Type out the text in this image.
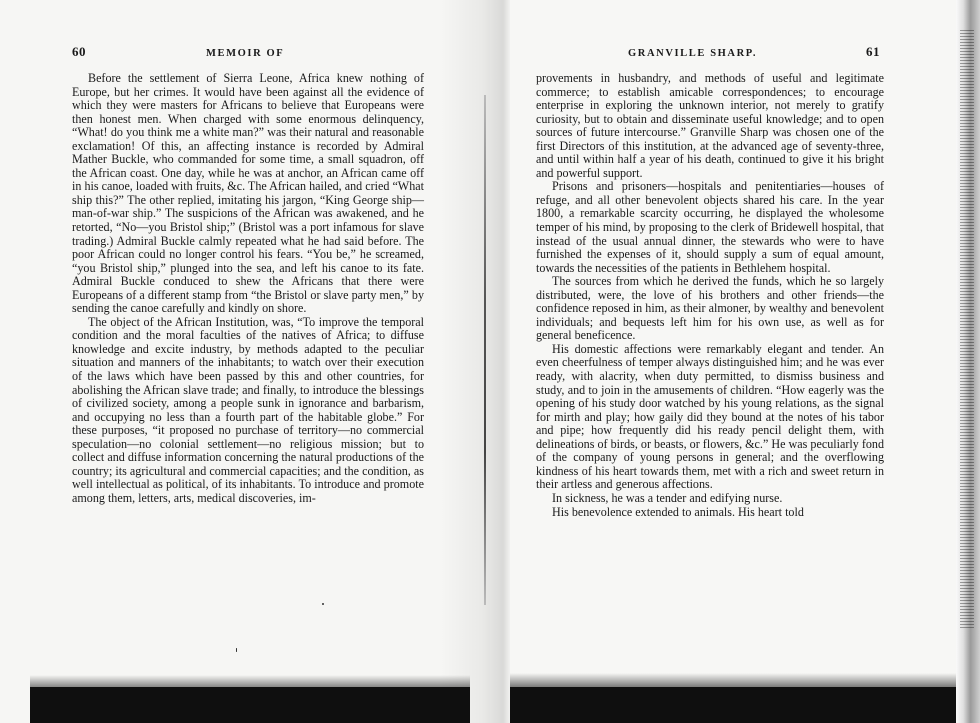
60	MEMOIR OF

Before the settlement of Sierra Leone, Africa knew nothing of Europe, but her crimes. It would have been against all the evidence of which they were masters for Africans to believe that Europeans were then honest men. When charged with some enormous delinquency, “What! do you think me a white man?” was their natural and reasonable exclamation! Of this, an affecting instance is recorded by Admiral Mather Buckle, who commanded for some time, a small squadron, off the African coast. One day, while he was at anchor, an African came off in his canoe, loaded with fruits, &c. The African hailed, and cried “What ship this?” The other replied, imitating his jargon, “King George ship—man-of-war ship.” The suspicions of the African was awakened, and he retorted, “No—you Bristol ship;” (Bristol was a port infamous for slave trading.) Admiral Buckle calmly repeated what he had said before. The poor African could no longer control his fears. “You be,” he screamed, “you Bristol ship,” plunged into the sea, and left his canoe to its fate. Admiral Buckle conduced to shew the Africans that there were Europeans of a different stamp from “the Bristol or slave party men,” by sending the canoe carefully and kindly on shore.

The object of the African Institution, was, “To improve the temporal condition and the moral faculties of the natives of Africa; to diffuse knowledge and excite industry, by methods adapted to the peculiar situation and manners of the inhabitants; to watch over their execution of the laws which have been passed by this and other countries, for abolishing the African slave trade; and finally, to introduce the blessings of civilized society, among a people sunk in ignorance and barbarism, and occupying no less than a fourth part of the habitable globe.” For these purposes, “it proposed no purchase of territory—no commercial speculation—no colonial settlement—no religious mission; but to collect and diffuse information concerning the natural productions of the country; its agricultural and commercial capacities; and the condition, as well intellectual as political, of its inhabitants. To introduce and promote among them, letters, arts, medical discoveries, im-

GRANVILLE SHARP.	61

provements in husbandry, and methods of useful and legitimate commerce; to establish amicable correspondences; to encourage enterprise in exploring the unknown interior, not merely to gratify curiosity, but to obtain and disseminate useful knowledge; and to open sources of future intercourse.” Granville Sharp was chosen one of the first Directors of this institution, at the advanced age of seventy-three, and until within half a year of his death, continued to give it his bright and powerful support.

Prisons and prisoners—hospitals and penitentiaries—houses of refuge, and all other benevolent objects shared his care. In the year 1800, a remarkable scarcity occurring, he displayed the wholesome temper of his mind, by proposing to the clerk of Bridewell hospital, that instead of the usual annual dinner, the stewards who were to have furnished the expenses of it, should supply a sum of equal amount, towards the necessities of the patients in Bethlehem hospital.

The sources from which he derived the funds, which he so largely distributed, were, the love of his brothers and other friends—the confidence reposed in him, as their almoner, by wealthy and benevolent individuals; and bequests left him for his own use, as well as for general beneficence.

His domestic affections were remarkably elegant and tender. An even cheerfulness of temper always distinguished him; and he was ever ready, with alacrity, when duty permitted, to dismiss business and study, and to join in the amusements of children. “How eagerly was the opening of his study door watched by his young relations, as the signal for mirth and play; how gaily did they bound at the notes of his tabor and pipe; how frequently did his ready pencil delight them, with delineations of birds, or beasts, or flowers, &c.” He was peculiarly fond of the company of young persons in general; and the overflowing kindness of his heart towards them, met with a rich and sweet return in their artless and generous affections.

In sickness, he was a tender and edifying nurse.

His benevolence extended to animals. His heart told
